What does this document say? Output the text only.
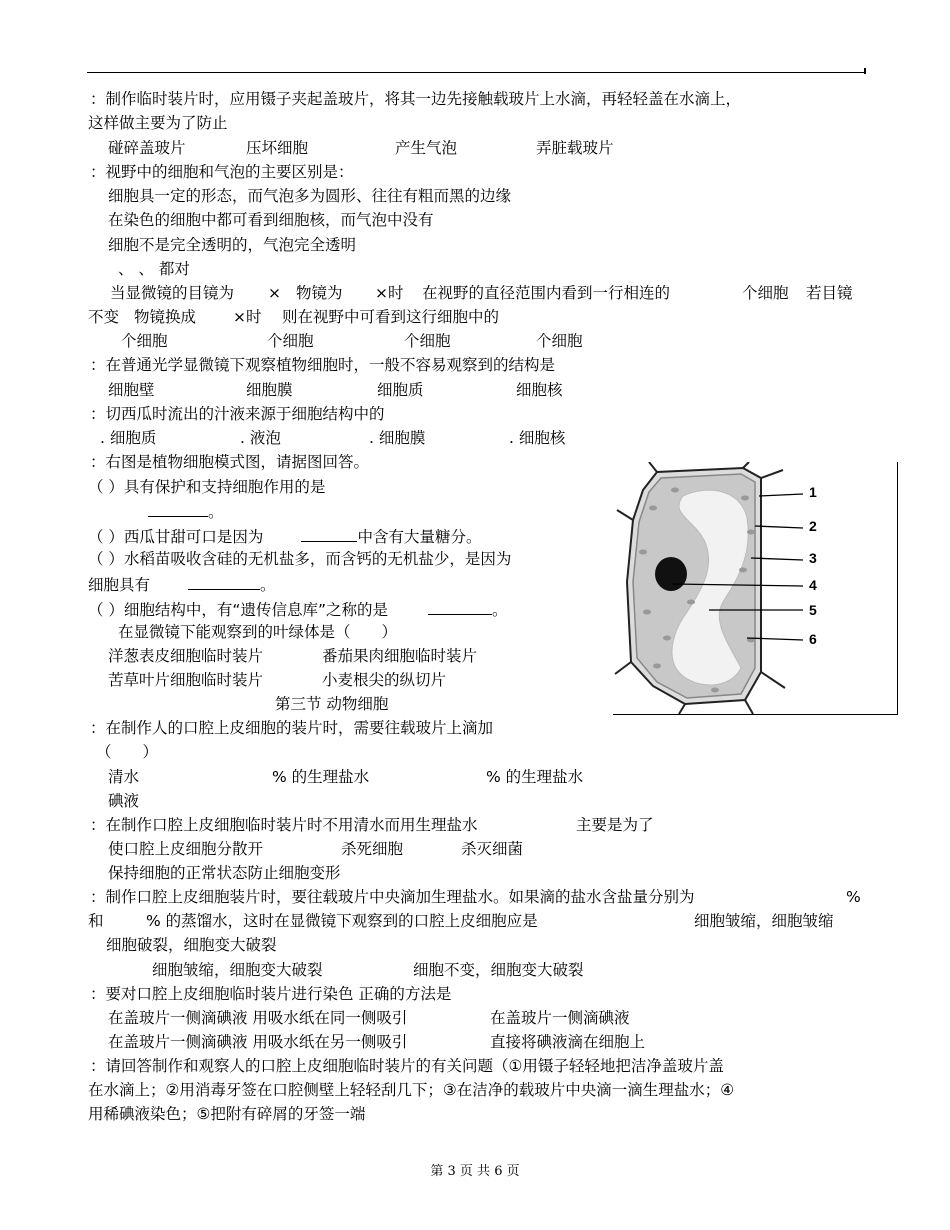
：制作临时装片时，应用镊子夹起盖玻片，将其一边先接触载玻片上水滴，再轻轻盖在水滴上，
这样做主要为了防止
碰碎盖玻片	压坏细胞	产生气泡	弄脏载玻片
：视野中的细胞和气泡的主要区别是：
细胞具一定的形态，而气泡多为圆形、往往有粗而黑的边缘
在染色的细胞中都可看到细胞核，而气泡中没有
细胞不是完全透明的，气泡完全透明
、 、 都对
当显微镜的目镜为 × 物镜为 ×时 在视野的直径范围内看到一行相连的	个细胞 若目镜
不变 物镜换成 ×时 则在视野中可看到这行细胞中的
个细胞	个细胞	个细胞	个细胞
：在普通光学显微镜下观察植物细胞时，一般不容易观察到的结构是
细胞壁	细胞膜	细胞质	细胞核
：切西瓜时流出的汁液来源于细胞结构中的
. 细胞质	. 液泡	. 细胞膜	. 细胞核
：右图是植物细胞模式图，请据图回答。
（ ）具有保护和支持细胞作用的是
。
（ ）西瓜甘甜可口是因为	中含有大量糖分。
（ ）水稻苗吸收含硅的无机盐多，而含钙的无机盐少，是因为
细胞具有	。
（ ）细胞结构中，有“遗传信息库”之称的是	。
在显微镜下能观察到的叶绿体是（　　）
洋葱表皮细胞临时装片	番茄果肉细胞临时装片
苦草叶片细胞临时装片	小麦根尖的纵切片
第三节 动物细胞
：在制作人的口腔上皮细胞的装片时，需要往载玻片上滴加
（　　）
清水	% 的生理盐水	% 的生理盐水
碘液
：在制作口腔上皮细胞临时装片时不用清水而用生理盐水	主要是为了
使口腔上皮细胞分散开	杀死细胞	杀灭细菌
保持细胞的正常状态防止细胞变形
：制作口腔上皮细胞装片时，要往载玻片中央滴加生理盐水。如果滴的盐水含盐量分别为	%
和	% 的蒸馏水，这时在显微镜下观察到的口腔上皮细胞应是	细胞皱缩，细胞皱缩
细胞破裂，细胞变大破裂
细胞皱缩，细胞变大破裂	细胞不变，细胞变大破裂
：要对口腔上皮细胞临时装片进行染色 正确的方法是
在盖玻片一侧滴碘液 用吸水纸在同一侧吸引	在盖玻片一侧滴碘液
在盖玻片一侧滴碘液 用吸水纸在另一侧吸引	直接将碘液滴在细胞上
：请回答制作和观察人的口腔上皮细胞临时装片的有关问题（①用镊子轻轻地把洁净盖玻片盖
在水滴上；②用消毒牙签在口腔侧壁上轻轻刮几下；③在洁净的载玻片中央滴一滴生理盐水；④
用稀碘液染色；⑤把附有碎屑的牙签一端
1
2
3
4
5
6
第 3 页 共 6 页
